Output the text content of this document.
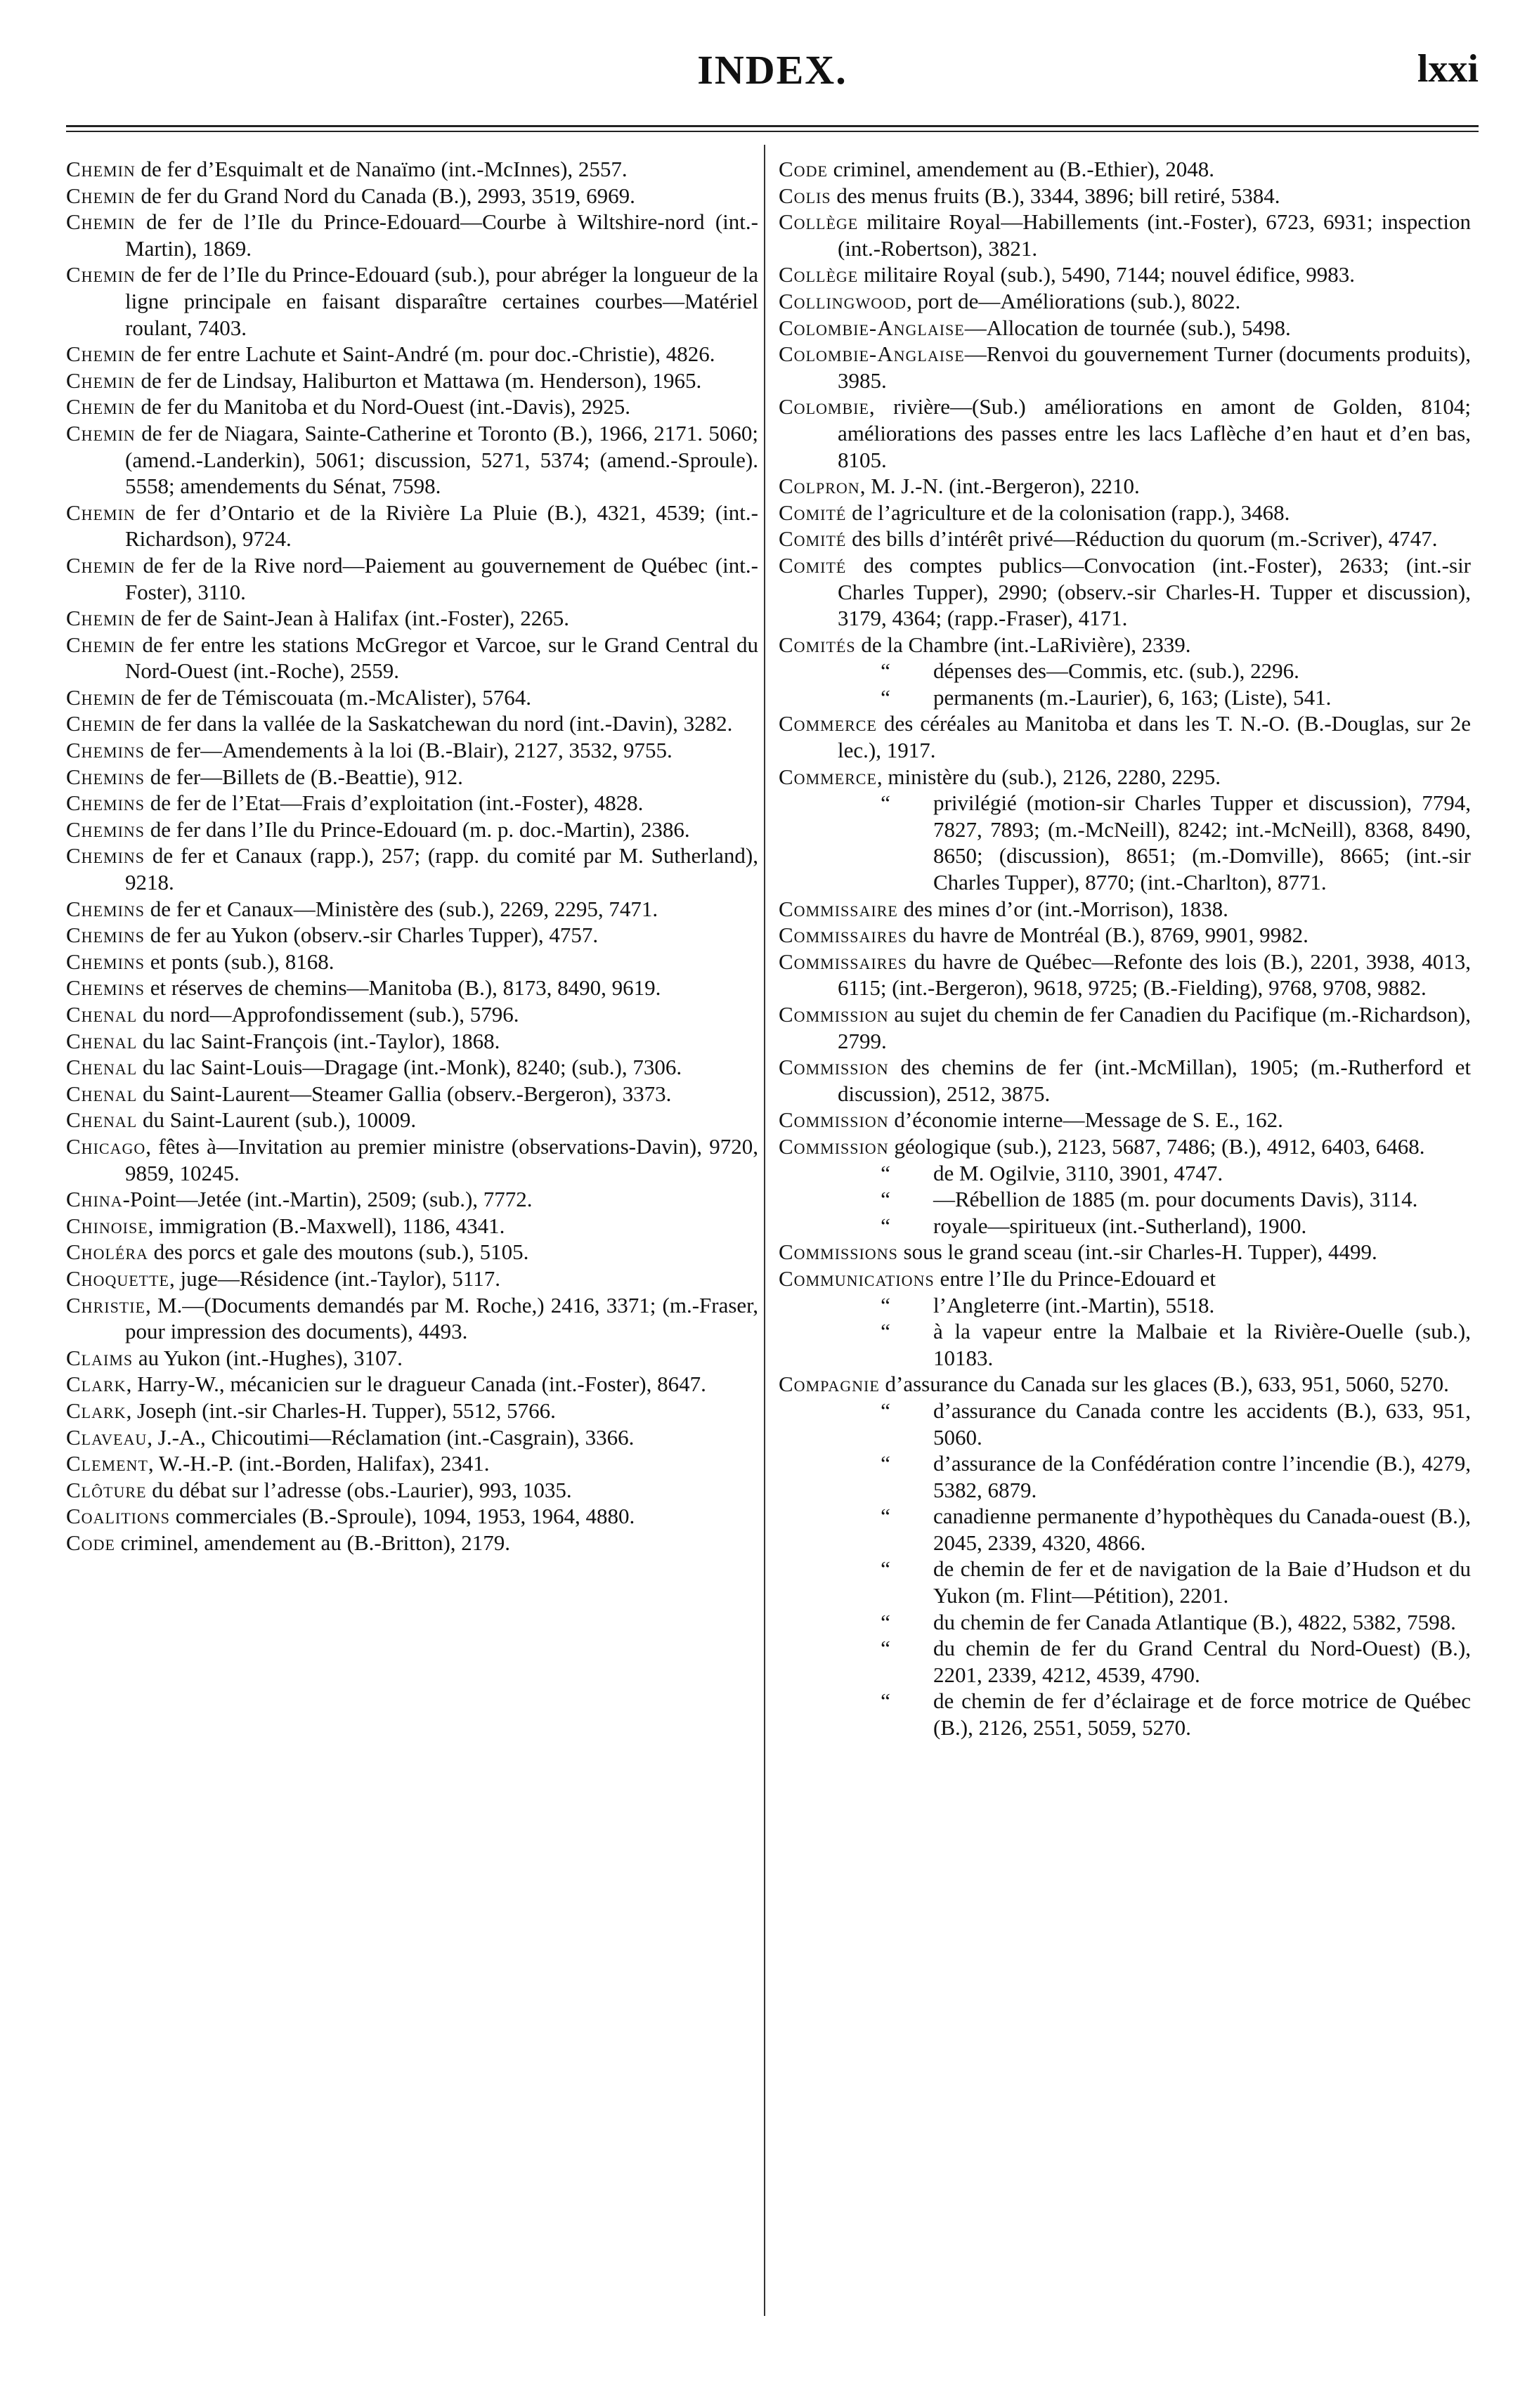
INDEX.	lxxi

Chemin de fer d’Esquimalt et de Nanaïmo (int.-McInnes), 2557.

Chemin de fer du Grand Nord du Canada (B.), 2993, 3519, 6969.

Chemin de fer de l’Ile du Prince-Edouard—Courbe à Wiltshire-nord (int.-Martin), 1869.

Chemin de fer de l’Ile du Prince-Edouard (sub.), pour abréger la longueur de la ligne principale en faisant disparaître certaines courbes—Matériel roulant, 7403.

Chemin de fer entre Lachute et Saint-André (m. pour doc.-Christie), 4826.

Chemin de fer de Lindsay, Haliburton et Mattawa (m. Henderson), 1965.

Chemin de fer du Manitoba et du Nord-Ouest (int.-Davis), 2925.

Chemin de fer de Niagara, Sainte-Catherine et Toronto (B.), 1966, 2171. 5060; (amend.-Landerkin), 5061; discussion, 5271, 5374; (amend.-Sproule). 5558; amendements du Sénat, 7598.

Chemin de fer d’Ontario et de la Rivière La Pluie (B.), 4321, 4539; (int.-Richardson), 9724.

Chemin de fer de la Rive nord—Paiement au gouvernement de Québec (int.-Foster), 3110.

Chemin de fer de Saint-Jean à Halifax (int.-Foster), 2265.

Chemin de fer entre les stations McGregor et Varcoe, sur le Grand Central du Nord-Ouest (int.-Roche), 2559.

Chemin de fer de Témiscouata (m.-McAlister), 5764.

Chemin de fer dans la vallée de la Saskatchewan du nord (int.-Davin), 3282.

Chemins de fer—Amendements à la loi (B.-Blair), 2127, 3532, 9755.

Chemins de fer—Billets de (B.-Beattie), 912.

Chemins de fer de l’Etat—Frais d’exploitation (int.-Foster), 4828.

Chemins de fer dans l’Ile du Prince-Edouard (m. p. doc.-Martin), 2386.

Chemins de fer et Canaux (rapp.), 257; (rapp. du comité par M. Sutherland), 9218.

Chemins de fer et Canaux—Ministère des (sub.), 2269, 2295, 7471.

Chemins de fer au Yukon (observ.-sir Charles Tupper), 4757.

Chemins et ponts (sub.), 8168.

Chemins et réserves de chemins—Manitoba (B.), 8173, 8490, 9619.

Chenal du nord—Approfondissement (sub.), 5796.

Chenal du lac Saint-François (int.-Taylor), 1868.

Chenal du lac Saint-Louis—Dragage (int.-Monk), 8240; (sub.), 7306.

Chenal du Saint-Laurent—Steamer Gallia (observ.-Bergeron), 3373.

Chenal du Saint-Laurent (sub.), 10009.

Chicago, fêtes à—Invitation au premier ministre (observations-Davin), 9720, 9859, 10245.

China-Point—Jetée (int.-Martin), 2509; (sub.), 7772.

Chinoise, immigration (B.-Maxwell), 1186, 4341.

Choléra des porcs et gale des moutons (sub.), 5105.

Choquette, juge—Résidence (int.-Taylor), 5117.

Christie, M.—(Documents demandés par M. Roche,) 2416, 3371; (m.-Fraser, pour impression des documents), 4493.

Claims au Yukon (int.-Hughes), 3107.

Clark, Harry-W., mécanicien sur le dragueur Canada (int.-Foster), 8647.

Clark, Joseph (int.-sir Charles-H. Tupper), 5512, 5766.

Claveau, J.-A., Chicoutimi—Réclamation (int.-Casgrain), 3366.

Clement, W.-H.-P. (int.-Borden, Halifax), 2341.

Clôture du débat sur l’adresse (obs.-Laurier), 993, 1035.

Coalitions commerciales (B.-Sproule), 1094, 1953, 1964, 4880.

Code criminel, amendement au (B.-Britton), 2179.

Code criminel, amendement au (B.-Ethier), 2048.

Colis des menus fruits (B.), 3344, 3896; bill retiré, 5384.

Collège militaire Royal—Habillements (int.-Foster), 6723, 6931; inspection (int.-Robertson), 3821.

Collège militaire Royal (sub.), 5490, 7144; nouvel édifice, 9983.

Collingwood, port de—Améliorations (sub.), 8022.

Colombie-Anglaise—Allocation de tournée (sub.), 5498.

Colombie-Anglaise—Renvoi du gouvernement Turner (documents produits), 3985.

Colombie, rivière—(Sub.) améliorations en amont de Golden, 8104; améliorations des passes entre les lacs Laflèche d’en haut et d’en bas, 8105.

Colpron, M. J.-N. (int.-Bergeron), 2210.

Comité de l’agriculture et de la colonisation (rapp.), 3468.

Comité des bills d’intérêt privé—Réduction du quorum (m.-Scriver), 4747.

Comité des comptes publics—Convocation (int.-Foster), 2633; (int.-sir Charles Tupper), 2990; (observ.-sir Charles-H. Tupper et discussion), 3179, 4364; (rapp.-Fraser), 4171.

Comités de la Chambre (int.-LaRivière), 2339.

“ dépenses des—Commis, etc. (sub.), 2296.

“ permanents (m.-Laurier), 6, 163; (Liste), 541.

Commerce des céréales au Manitoba et dans les T. N.-O. (B.-Douglas, sur 2e lec.), 1917.

Commerce, ministère du (sub.), 2126, 2280, 2295.

“ privilégié (motion-sir Charles Tupper et discussion), 7794, 7827, 7893; (m.-McNeill), 8242; int.-McNeill), 8368, 8490, 8650; (discussion), 8651; (m.-Domville), 8665; (int.-sir Charles Tupper), 8770; (int.-Charlton), 8771.

Commissaire des mines d’or (int.-Morrison), 1838.

Commissaires du havre de Montréal (B.), 8769, 9901, 9982.

Commissaires du havre de Québec—Refonte des lois (B.), 2201, 3938, 4013, 6115; (int.-Bergeron), 9618, 9725; (B.-Fielding), 9768, 9708, 9882.

Commission au sujet du chemin de fer Canadien du Pacifique (m.-Richardson), 2799.

Commission des chemins de fer (int.-McMillan), 1905; (m.-Rutherford et discussion), 2512, 3875.

Commission d’économie interne—Message de S. E., 162.

Commission géologique (sub.), 2123, 5687, 7486; (B.), 4912, 6403, 6468.

“ de M. Ogilvie, 3110, 3901, 4747.

“ —Rébellion de 1885 (m. pour documents Davis), 3114.

“ royale—spiritueux (int.-Sutherland), 1900.

Commissions sous le grand sceau (int.-sir Charles-H. Tupper), 4499.

Communications entre l’Ile du Prince-Edouard et

“ l’Angleterre (int.-Martin), 5518.

“ à la vapeur entre la Malbaie et la Rivière-Ouelle (sub.), 10183.

Compagnie d’assurance du Canada sur les glaces (B.), 633, 951, 5060, 5270.

“ d’assurance du Canada contre les accidents (B.), 633, 951, 5060.

“ d’assurance de la Confédération contre l’incendie (B.), 4279, 5382, 6879.

“ canadienne permanente d’hypothèques du Canada-ouest (B.), 2045, 2339, 4320, 4866.

“ de chemin de fer et de navigation de la Baie d’Hudson et du Yukon (m. Flint—Pétition), 2201.

“ du chemin de fer Canada Atlantique (B.), 4822, 5382, 7598.

“ du chemin de fer du Grand Central du Nord-Ouest) (B.), 2201, 2339, 4212, 4539, 4790.

“ de chemin de fer d’éclairage et de force motrice de Québec (B.), 2126, 2551, 5059, 5270.
